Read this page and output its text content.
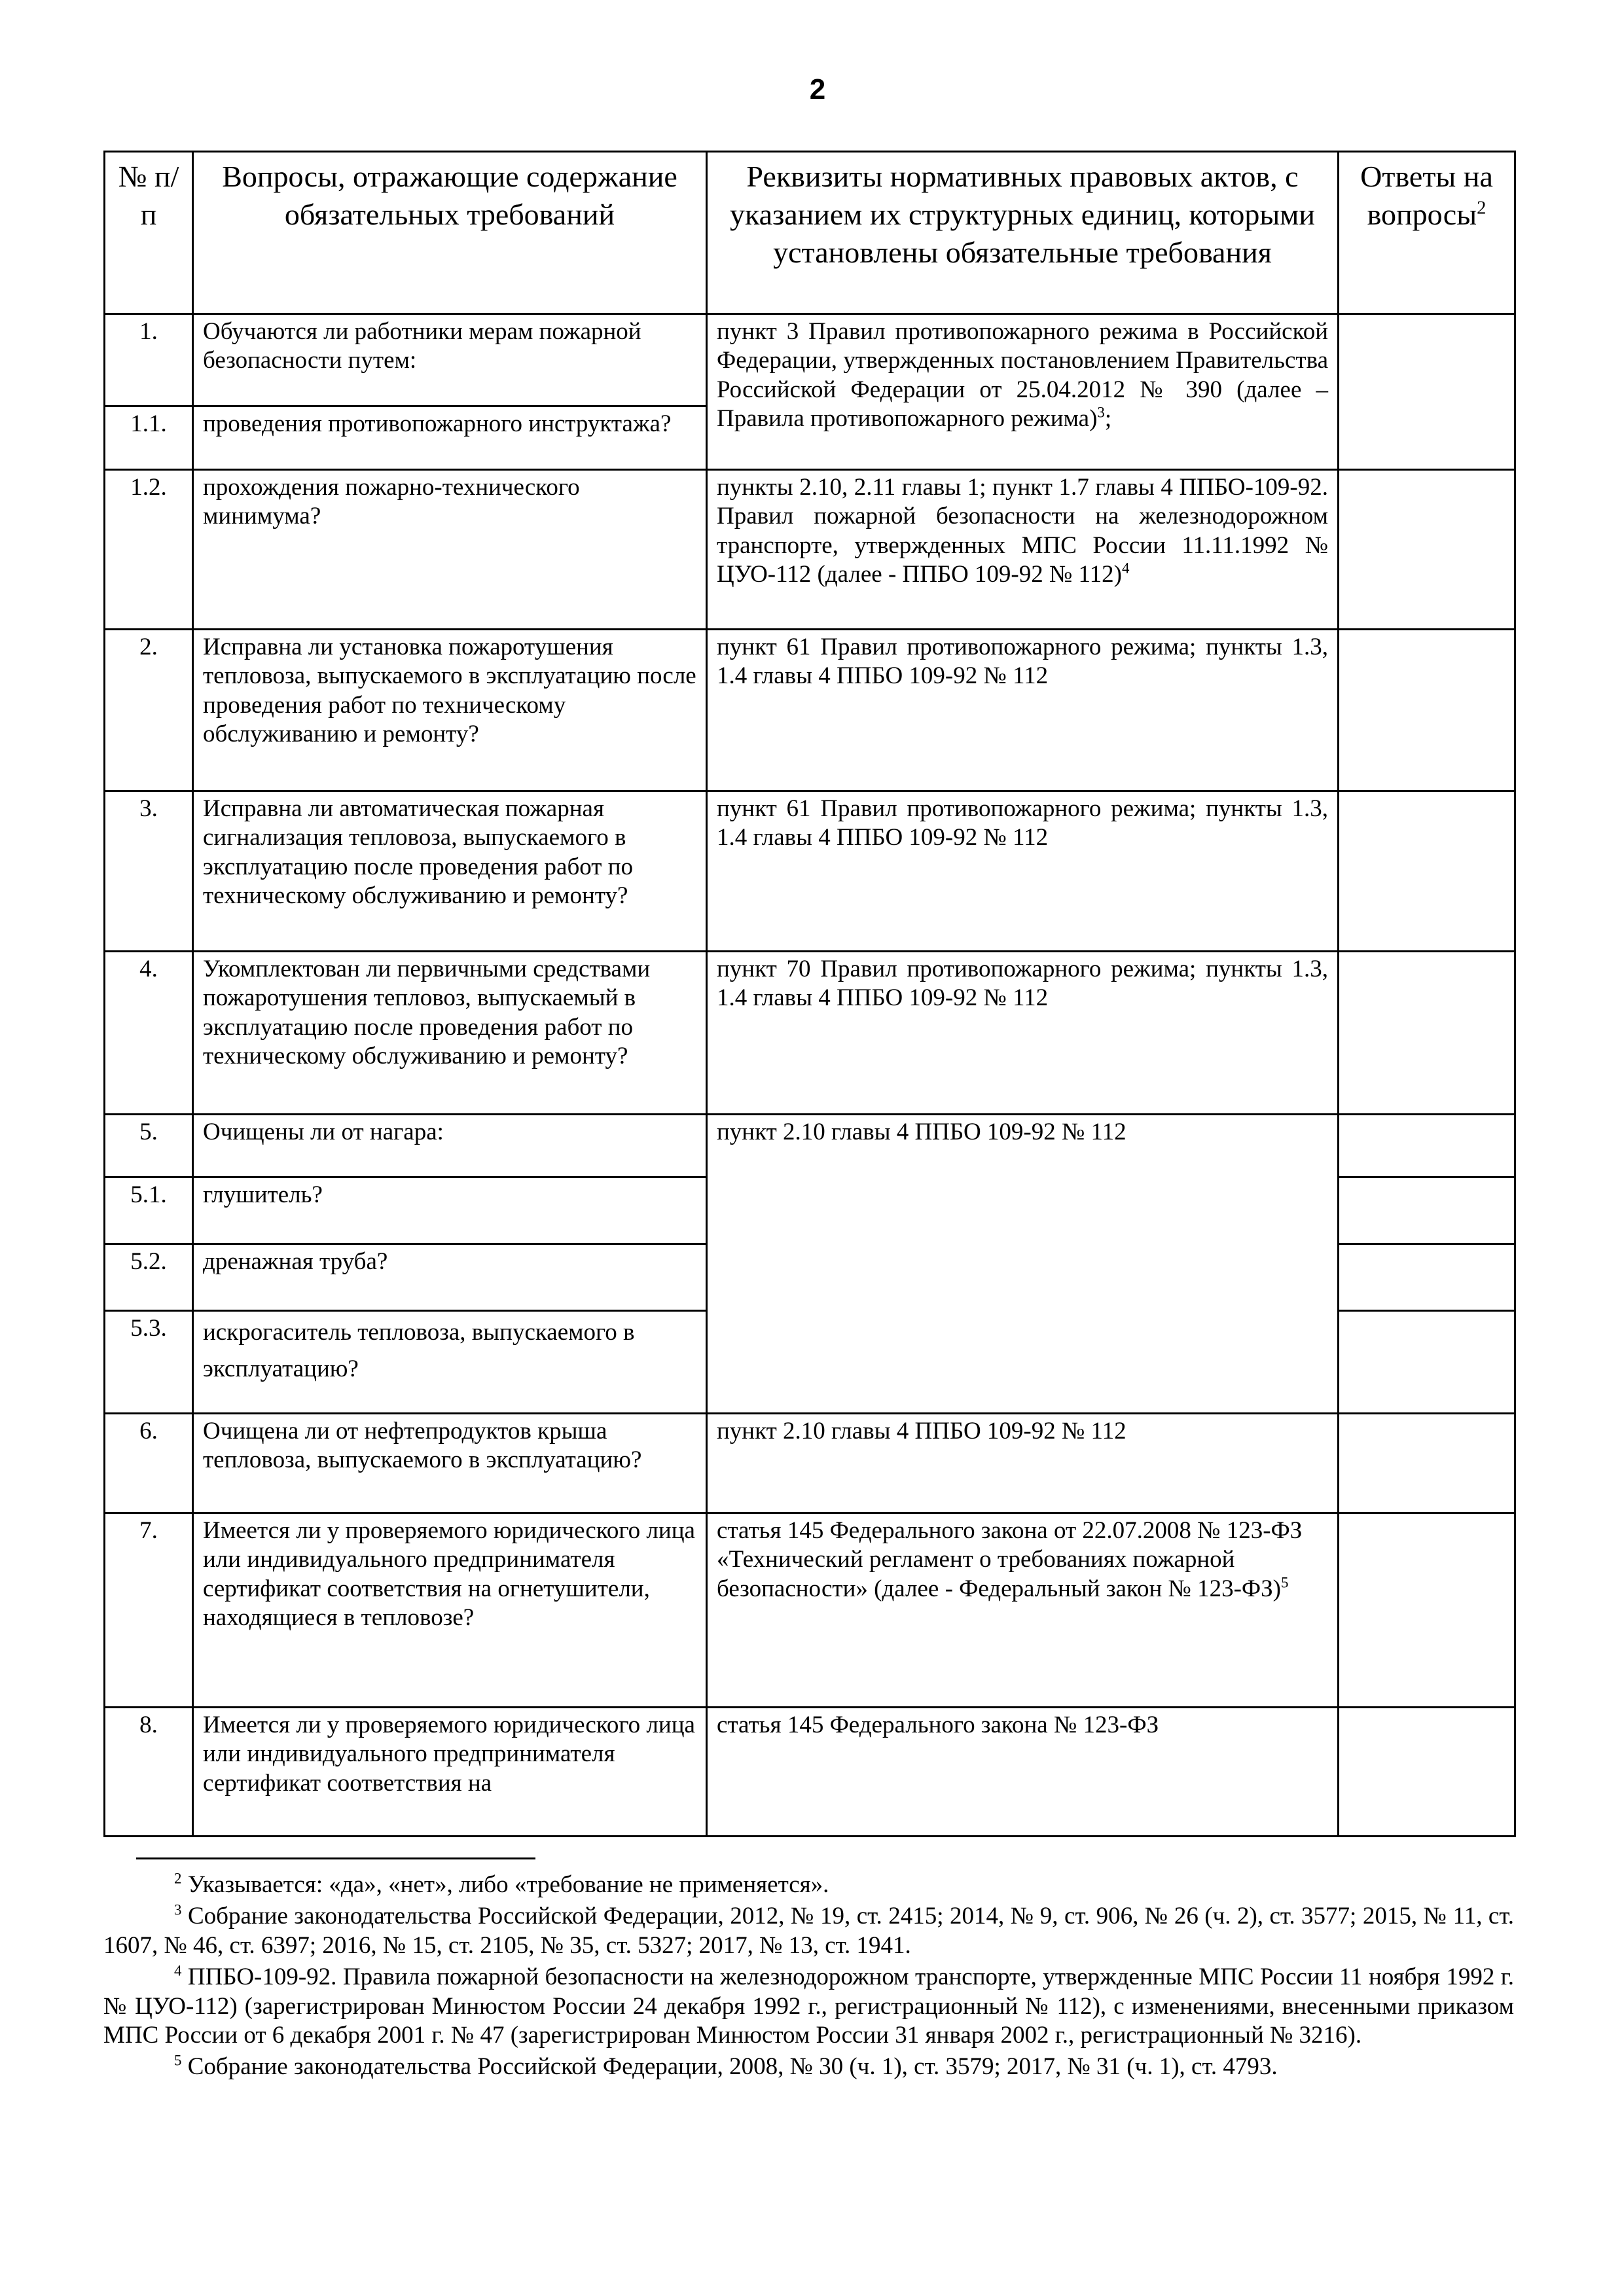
2
№ п/п	Вопросы, отражающие содержание обязательных требований	Реквизиты нормативных правовых актов, с указанием их структурных единиц, которыми установлены обязательные требования	Ответы на вопросы$^2$
1.	Обучаются ли работники мерам пожарной безопасности путем:	пункт 3 Правил противопожарного режима в Российской Федерации, утвержденных постановлением Правительства Российской Федерации от 25.04.2012 № 390 (далее – Правила противопожарного режима)$^3$;	
1.1.	проведения противопожарного инструктажа?		
1.2.	прохождения пожарно-технического минимума?	пункты 2.10, 2.11 главы 1; пункт 1.7 главы 4 ППБО-109-92. Правил пожарной безопасности на железнодорожном транспорте, утвержденных МПС России 11.11.1992 № ЦУО-112 (далее - ППБО 109-92 № 112)$^4$	
2.	Исправна ли установка пожаротушения тепловоза, выпускаемого в эксплуатацию после проведения работ по техническому обслуживанию и ремонту?	пункт 61 Правил противопожарного режима; пункты 1.3, 1.4 главы 4 ППБО 109-92 № 112	
3.	Исправна ли автоматическая пожарная сигнализация тепловоза, выпускаемого в эксплуатацию после проведения работ по техническому обслуживанию и ремонту?	пункт 61 Правил противопожарного режима; пункты 1.3, 1.4 главы 4 ППБО 109-92 № 112	
4.	Укомплектован ли первичными средствами пожаротушения тепловоз, выпускаемый в эксплуатацию после проведения работ по техническому обслуживанию и ремонту?	пункт 70 Правил противопожарного режима; пункты 1.3, 1.4 главы 4 ППБО 109-92 № 112	
5.	Очищены ли от нагара:	пункт 2.10 главы 4 ППБО 109-92 № 112	
5.1.	глушитель?		
5.2.	дренажная труба?		
5.3.	искрогаситель тепловоза, выпускаемого в эксплуатацию?		
6.	Очищена ли от нефтепродуктов крыша тепловоза, выпускаемого в эксплуатацию?	пункт 2.10 главы 4 ППБО 109-92 № 112	
7.	Имеется ли у проверяемого юридического лица или индивидуального предпринимателя сертификат соответствия на огнетушители, находящиеся в тепловозе?	статья 145 Федерального закона от 22.07.2008 № 123-ФЗ «Технический регламент о требованиях пожарной безопасности» (далее - Федеральный закон № 123-ФЗ)$^5$	
8.	Имеется ли у проверяемого юридического лица или индивидуального предпринимателя сертификат соответствия на	статья 145 Федерального закона № 123-ФЗ	

$^2$ Указывается: «да», «нет», либо «требование не применяется».

$^3$ Собрание законодательства Российской Федерации, 2012, № 19, ст. 2415; 2014, № 9, ст. 906, № 26 (ч. 2), ст. 3577; 2015, № 11, ст. 1607, № 46, ст. 6397; 2016, № 15, ст. 2105, № 35, ст. 5327; 2017, № 13, ст. 1941.

$^4$ ППБО-109-92. Правила пожарной безопасности на железнодорожном транспорте, утвержденные МПС России 11 ноября 1992 г. № ЦУО-112) (зарегистрирован Минюстом России 24 декабря 1992 г., регистрационный № 112), с изменениями, внесенными приказом МПС России от 6 декабря 2001 г. № 47 (зарегистрирован Минюстом России 31 января 2002 г., регистрационный № 3216).

$^5$ Собрание законодательства Российской Федерации, 2008, № 30 (ч. 1), ст. 3579; 2017, № 31 (ч. 1), ст. 4793.
